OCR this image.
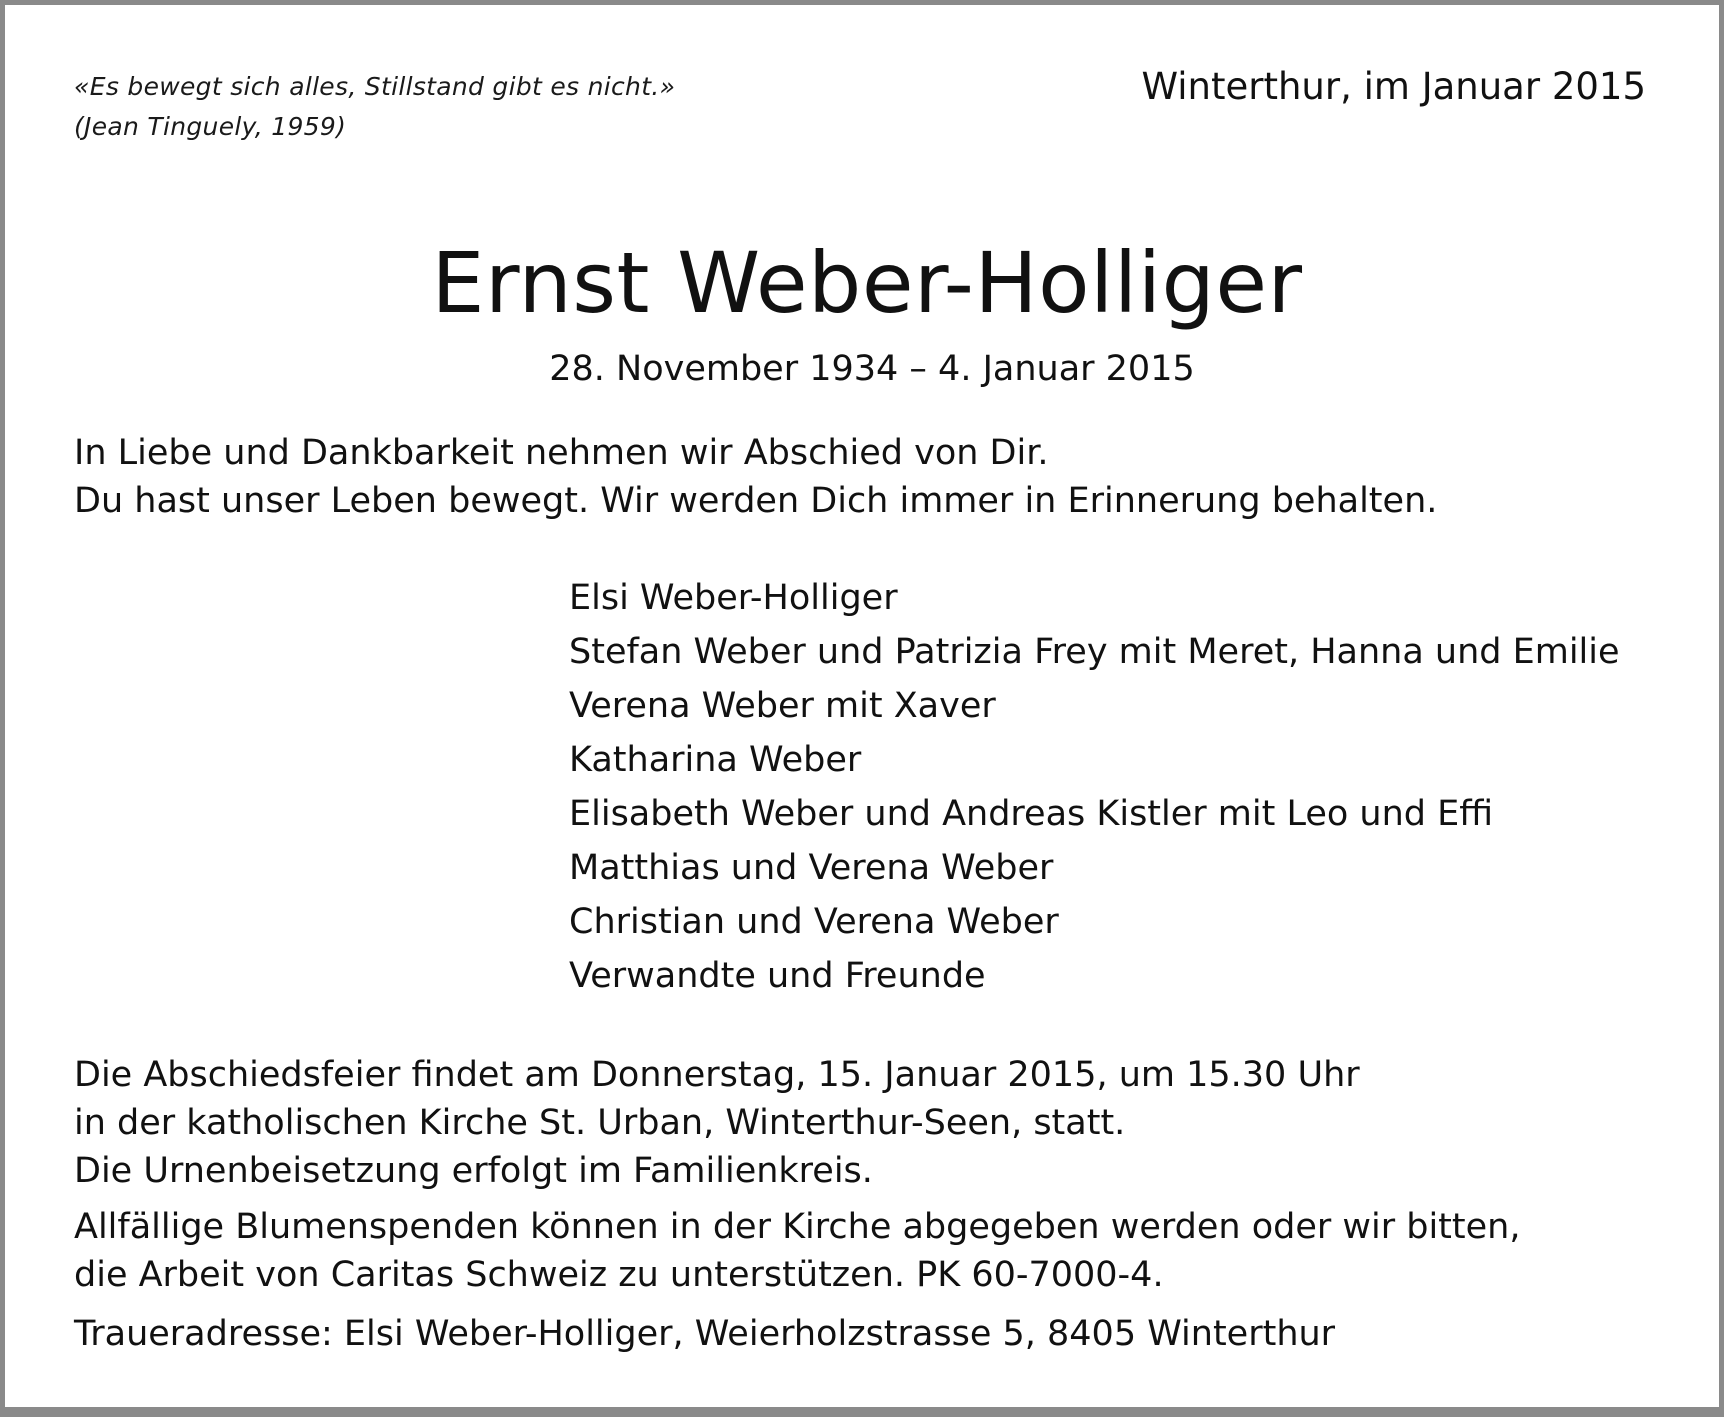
«Es bewegt sich alles, Stillstand gibt es nicht.»
(Jean Tinguely, 1959)
Winterthur, im Januar 2015
Ernst Weber-Holliger
28. November 1934 – 4. Januar 2015
In Liebe und Dankbarkeit nehmen wir Abschied von Dir.
Du hast unser Leben bewegt. Wir werden Dich immer in Erinnerung behalten.
Elsi Weber-Holliger
Stefan Weber und Patrizia Frey mit Meret, Hanna und Emilie
Verena Weber mit Xaver
Katharina Weber
Elisabeth Weber und Andreas Kistler mit Leo und Effi
Matthias und Verena Weber
Christian und Verena Weber
Verwandte und Freunde
Die Abschiedsfeier findet am Donnerstag, 15. Januar 2015, um 15.30 Uhr
in der katholischen Kirche St. Urban, Winterthur-Seen, statt.
Die Urnenbeisetzung erfolgt im Familienkreis.
Allfällige Blumenspenden können in der Kirche abgegeben werden oder wir bitten,
die Arbeit von Caritas Schweiz zu unterstützen. PK 60-7000-4.
Traueradresse: Elsi Weber-Holliger, Weierholzstrasse 5, 8405 Winterthur
